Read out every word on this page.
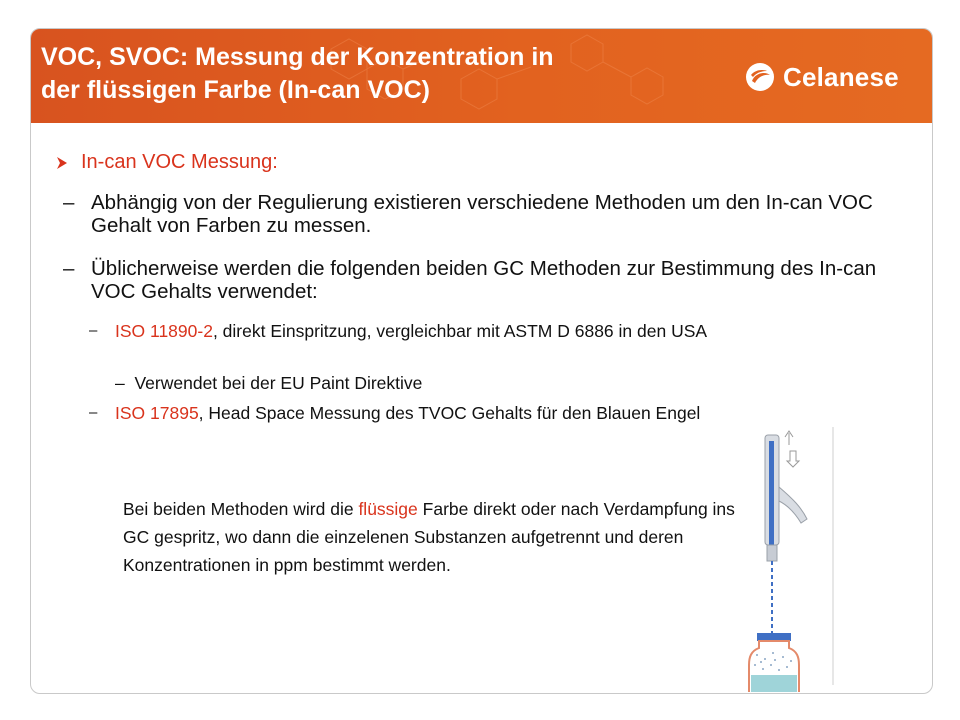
VOC, SVOC: Messung der Konzentration in
der flüssigen Farbe (In-can VOC)	Celanese
In-can VOC Messung:
– Abhängig von der Regulierung existieren verschiedene Methoden um den In-can VOC Gehalt von Farben zu messen.
– Üblicherweise werden die folgenden beiden GC Methoden zur Bestimmung des In-can VOC Gehalts verwendet:
– ISO 11890-2, direkt Einspritzung, vergleichbar mit ASTM D 6886 in den USA
– Verwendet bei der EU Paint Direktive
– ISO 17895, Head Space Messung des TVOC Gehalts für den Blauen Engel
Bei beiden Methoden wird die flüssige Farbe direkt oder nach Verdampfung ins GC gespritz, wo dann die einzelenen Substanzen aufgetrennt und deren Konzentrationen in ppm bestimmt werden.
